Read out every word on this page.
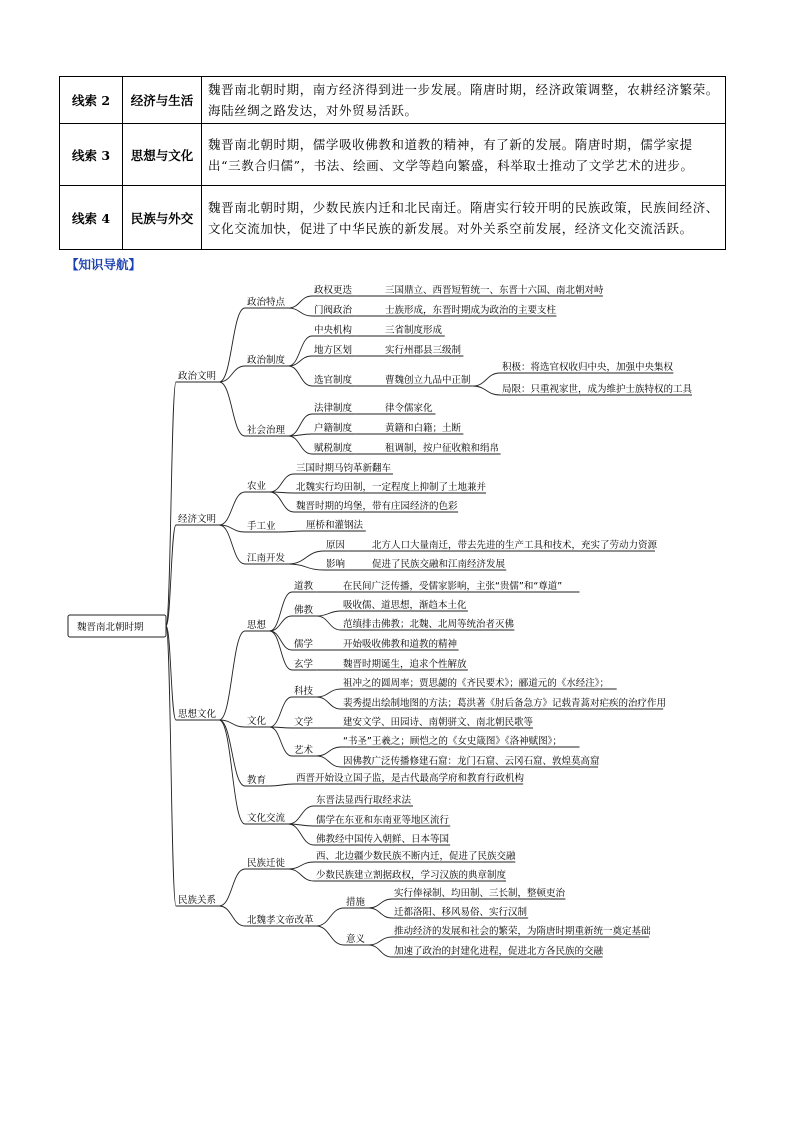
线索 2	经济与生活	魏晋南北朝时期，南方经济得到进一步发展。隋唐时期，经济政策调整，农耕经济繁荣。海陆丝绸之路发达，对外贸易活跃。
线索 3	思想与文化	魏晋南北朝时期，儒学吸收佛教和道教的精神，有了新的发展。隋唐时期，儒学家提出“三教合归儒”，书法、绘画、文学等趋向繁盛，科举取士推动了文学艺术的进步。
线索 4	民族与外交	魏晋南北朝时期，少数民族内迁和北民南迁。隋唐实行较开明的民族政策，民族间经济、文化交流加快，促进了中华民族的新发展。对外关系空前发展，经济文化交流活跃。
【知识导航】
魏晋南北朝时期
政治文明
政治特点
政权更迭
门阀政治
三国鼎立、西晋短暂统一、东晋十六国、南北朝对峙
士族形成，东晋时期成为政治的主要支柱
政治制度
中央机构
地方区划
选官制度
三省制度形成
实行州郡县三级制
曹魏创立九品中正制
积极：将选官权收归中央，加强中央集权
局限：只重视家世，成为维护士族特权的工具
社会治理
法律制度
户籍制度
赋税制度
律令儒家化
黄籍和白籍；土断
租调制，按户征收粮和绢帛
经济文明
农业
三国时期马钧革新翻车
北魏实行均田制，一定程度上抑制了土地兼并
魏晋时期的坞堡，带有庄园经济的色彩
手工业	厘桥和灌钢法
江南开发
原因
影响
北方人口大量南迁，带去先进的生产工具和技术，充实了劳动力资源
促进了民族交融和江南经济发展
思想文化
思想
道教
佛教
儒学
玄学
在民间广泛传播，受儒家影响，主张“贵儒”和“尊道”
吸收儒、道思想，渐趋本土化
范缜排击佛教；北魏、北周等统治者灭佛
开始吸收佛教和道教的精神
魏晋时期诞生，追求个性解放
文化
科技
文学
艺术
祖冲之的圆周率；贾思勰的《齐民要术》；郦道元的《水经注》；
裴秀提出绘制地图的方法；葛洪著《肘后备急方》记载青蒿对疟疾的治疗作用
建安文学、田园诗、南朝骈文、南北朝民歌等
“书圣”王羲之；顾恺之的《女史箴图》《洛神赋图》；
因佛教广泛传播修建石窟：龙门石窟、云冈石窟、敦煌莫高窟
教育	西晋开始设立国子监，是古代最高学府和教育行政机构
文化交流
东晋法显西行取经求法
儒学在东亚和东南亚等地区流行
佛教经中国传入朝鲜、日本等国
民族关系
民族迁徙
西、北边疆少数民族不断内迁，促进了民族交融
少数民族建立割据政权，学习汉族的典章制度
北魏孝文帝改革
措施
意义
实行俸禄制、均田制、三长制，整顿吏治
迁都洛阳、移风易俗、实行汉制
推动经济的发展和社会的繁荣，为隋唐时期重新统一奠定基础
加速了政治的封建化进程，促进北方各民族的交融
